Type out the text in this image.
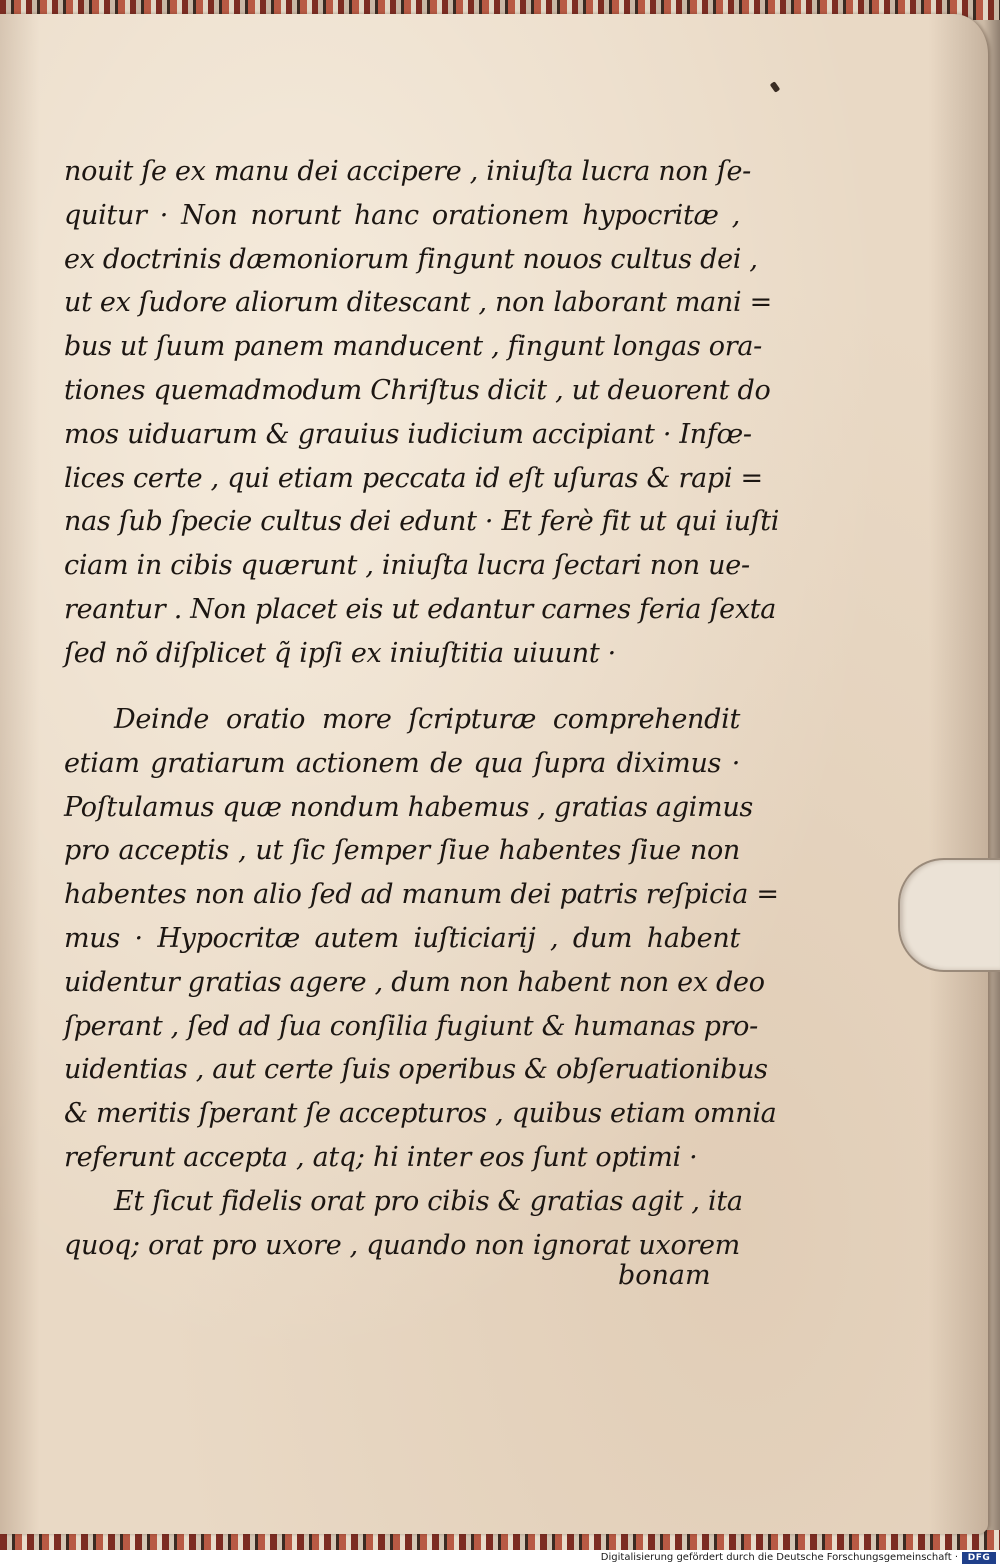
nouit ſe ex manu dei accipere , iniuſta lucra non ſe-
quitur · Non norunt hanc orationem hypocritæ ,
ex doctrinis dæmoniorum fingunt nouos cultus dei ,
ut ex ſudore aliorum ditescant , non laborant mani =
bus ut ſuum panem manducent , fingunt longas ora-
tiones quemadmodum Chriſtus dicit , ut deuorent do
mos uiduarum & grauius iudicium accipiant · Infœ-
lices certe , qui etiam peccata id eſt uſuras & rapi =
nas ſub ſpecie cultus dei edunt · Et ferè fit ut qui iuſti
ciam in cibis quærunt , iniuſta lucra ſectari non ue-
reantur . Non placet eis ut edantur carnes feria ſexta
ſed nõ diſplicet q̃ ipſi ex iniuſtitia uiuunt ·
Deinde oratio more ſcripturæ comprehendit
etiam gratiarum actionem de qua ſupra diximus ·
Poſtulamus quæ nondum habemus , gratias agimus
pro acceptis , ut ſic ſemper ſiue habentes ſiue non
habentes non alio ſed ad manum dei patris reſpicia =
mus · Hypocritæ autem iuſticiarij , dum habent
uidentur gratias agere , dum non habent non ex deo
ſperant , ſed ad ſua conſilia fugiunt & humanas pro-
uidentias , aut certe ſuis operibus & obſeruationibus
& meritis ſperant ſe accepturos , quibus etiam omnia
referunt accepta , atq; hi inter eos ſunt optimi ·
Et ſicut fidelis orat pro cibis & gratias agit , ita
quoq; orat pro uxore , quando non ignorat uxorem
bonam
Digitalisierung gefördert durch die Deutsche Forschungsgemeinschaft · DFG
